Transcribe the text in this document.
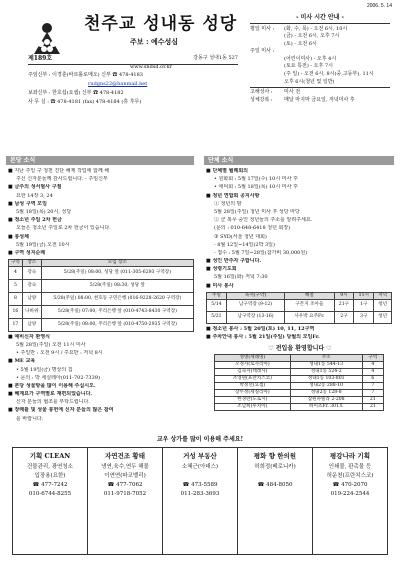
2006. 5. 14
천주교 성내동 성당
주보 : 예수성심
제189호	강동구 성내1동 527
www.sndsd.or.kr
주임신부 : 이경훈(바르톨로메오) 신부 ☎ 478-4183
rudgns22@hanmail.net
보좌신부 : 한호섭(요셉) 신부 ☎ 478-4182
사 무 실 : ☎ 478-4181 (fax) 478-4184 (휴 후무)
- 미사 시간 안내 -
평일 미사 : (화, 수, 목) - 오전 6시, 10시
(금) - 오전 6시, 오후 7시
(토) - 오전 6시
주일 미사 :
(어린이미사) - 오후 4시
(토요 특전) - 오후 7시
(주 일) - 오전 6시, 8시(중,고등부), 11시
오후 6시(청년 및 일반)
고해성사 : 미사 전
성체강복 : 매달 마지막 금요일, 저녁미사 후
본당 소식
■ 지난 주일 구 청천 진단 해제 작업에 함께 해
주신 신자분들께 감사드립니다. - 주임신부
■ 금주의 성서필사 구절
요한 14장 3, 24
■ 남성 구역 모임
5월 18일(목) 20시, 성당
■ 청소년 주일 2차 헌금
오늘은 청소년 주일로 2차 헌금이 있습니다.
■ 봉성체
5월 19일(금) 오전 10시
■ 구역 성지순례
구역	장소	모임 장소
4	강숙	5/28(주일) 08:00, 성당 앞 (011-305-6293 구역장)
5	강숙	5/28(주일) 08:30, 성당 앞
8	남양	5/28(주일) 08:00, 천호동 구민은행 (016-9228-2620 구역장)
16	나바위	5/28(주일) 07:00, 주리은행 앞 (010-4743-8430 구역장)
17	남양	5/28(주일) 08:00, 주리은행 앞 (010-4750-2935 구역장)
■ 예비신자 환영식
5월 28일(주일) 오전 11시 미사
• 주일반 : 오전 9시 / 주요반 : 저녁 8시
■ ME 교육
• 5월 19일(금) 명상의 집
• 문의 : 박 세실레아(011-702-7339)
■ 본당 성물방을 많이 이용해 주십시오.
■ 혜계요가 구역별로 재편되었습니다.
신자 분들의 협조를 부탁드립니다.
■ 장례틀 및 성물 봉헌에 신자 분들의 많은 참여
를 바랍니다.
단체 소식
■ 단체별 월례회의
• 원화회 : 5월 17일(수) 10시 미사 후
• 애덕회 : 5월 18일(목) 10시 미사 후
■ 청년 연합회 공지사항
① 청년의 밤
5월 28일(주일) 청년 미사 후 성당 마당
② 군 복무 중인 청년들의 주소를 알려주세요.
(문의 : 010-648-6418 청년 회장)
③ SYD(서울 청년 대회)
- 8월 12일~14일(2박 3일)
- 접수 : 5월 7일~28일(참가비 30,000원)
■ 성인 반주자 구합니다.
■ 성령기도회
5월 16일(화) 저녁 7:30
■ 미사 봉사
주일	독서(구약)	해설	9시	11시	저녁
5/14	남구역장 (9-12)	구몬지 조아들	21구	1구	청년
5/21	남구역장 (13-16)	사우박 요주Fr.	2구	3구	청년
■ 청소년 봉사 : 5월 20일(토) 10, 11, 12구역
■ 주차안내 봉사 : 5월 21일(주일) 당월의 모임Fr.
♡ 전입을 환영합니다 ♡
성명(세례명)	주소	구역
오정자(로사리아)	성내1동 544-13	4
김숙자(데레사)	성내1동 524-2	4
조영원(프란치스코)	성내1동 103-801	6
박정선(요셉)	성내2동 288-10	7
장두정(세실리아)	성내2동 128-8	7
한경란(도로시)	잠원파빌라 2-208	21
조남희(루치아)	하이츠Fr. 301호	21
교우 상가를 많이 이용해 주세요!
기획 CLEAN
건물관리, 광연청소
입장용(요한)
☎ 477-7242
010-6744-8255
자연건조 황태
냉연,육수,연두 해물
이연연(파코밸리)
☎ 477-7062
011-9718-7052
거성 부동산
소혜근(아녜스)
☎ 473-5589
011-283-3693
평화 향 한의원
허희정(베로니카)
☎ 484-8050
평강나라 기획
인쇄물, 판촉물 등
허운천(프란치스코)
☎ 470-2070
019-224-2544
